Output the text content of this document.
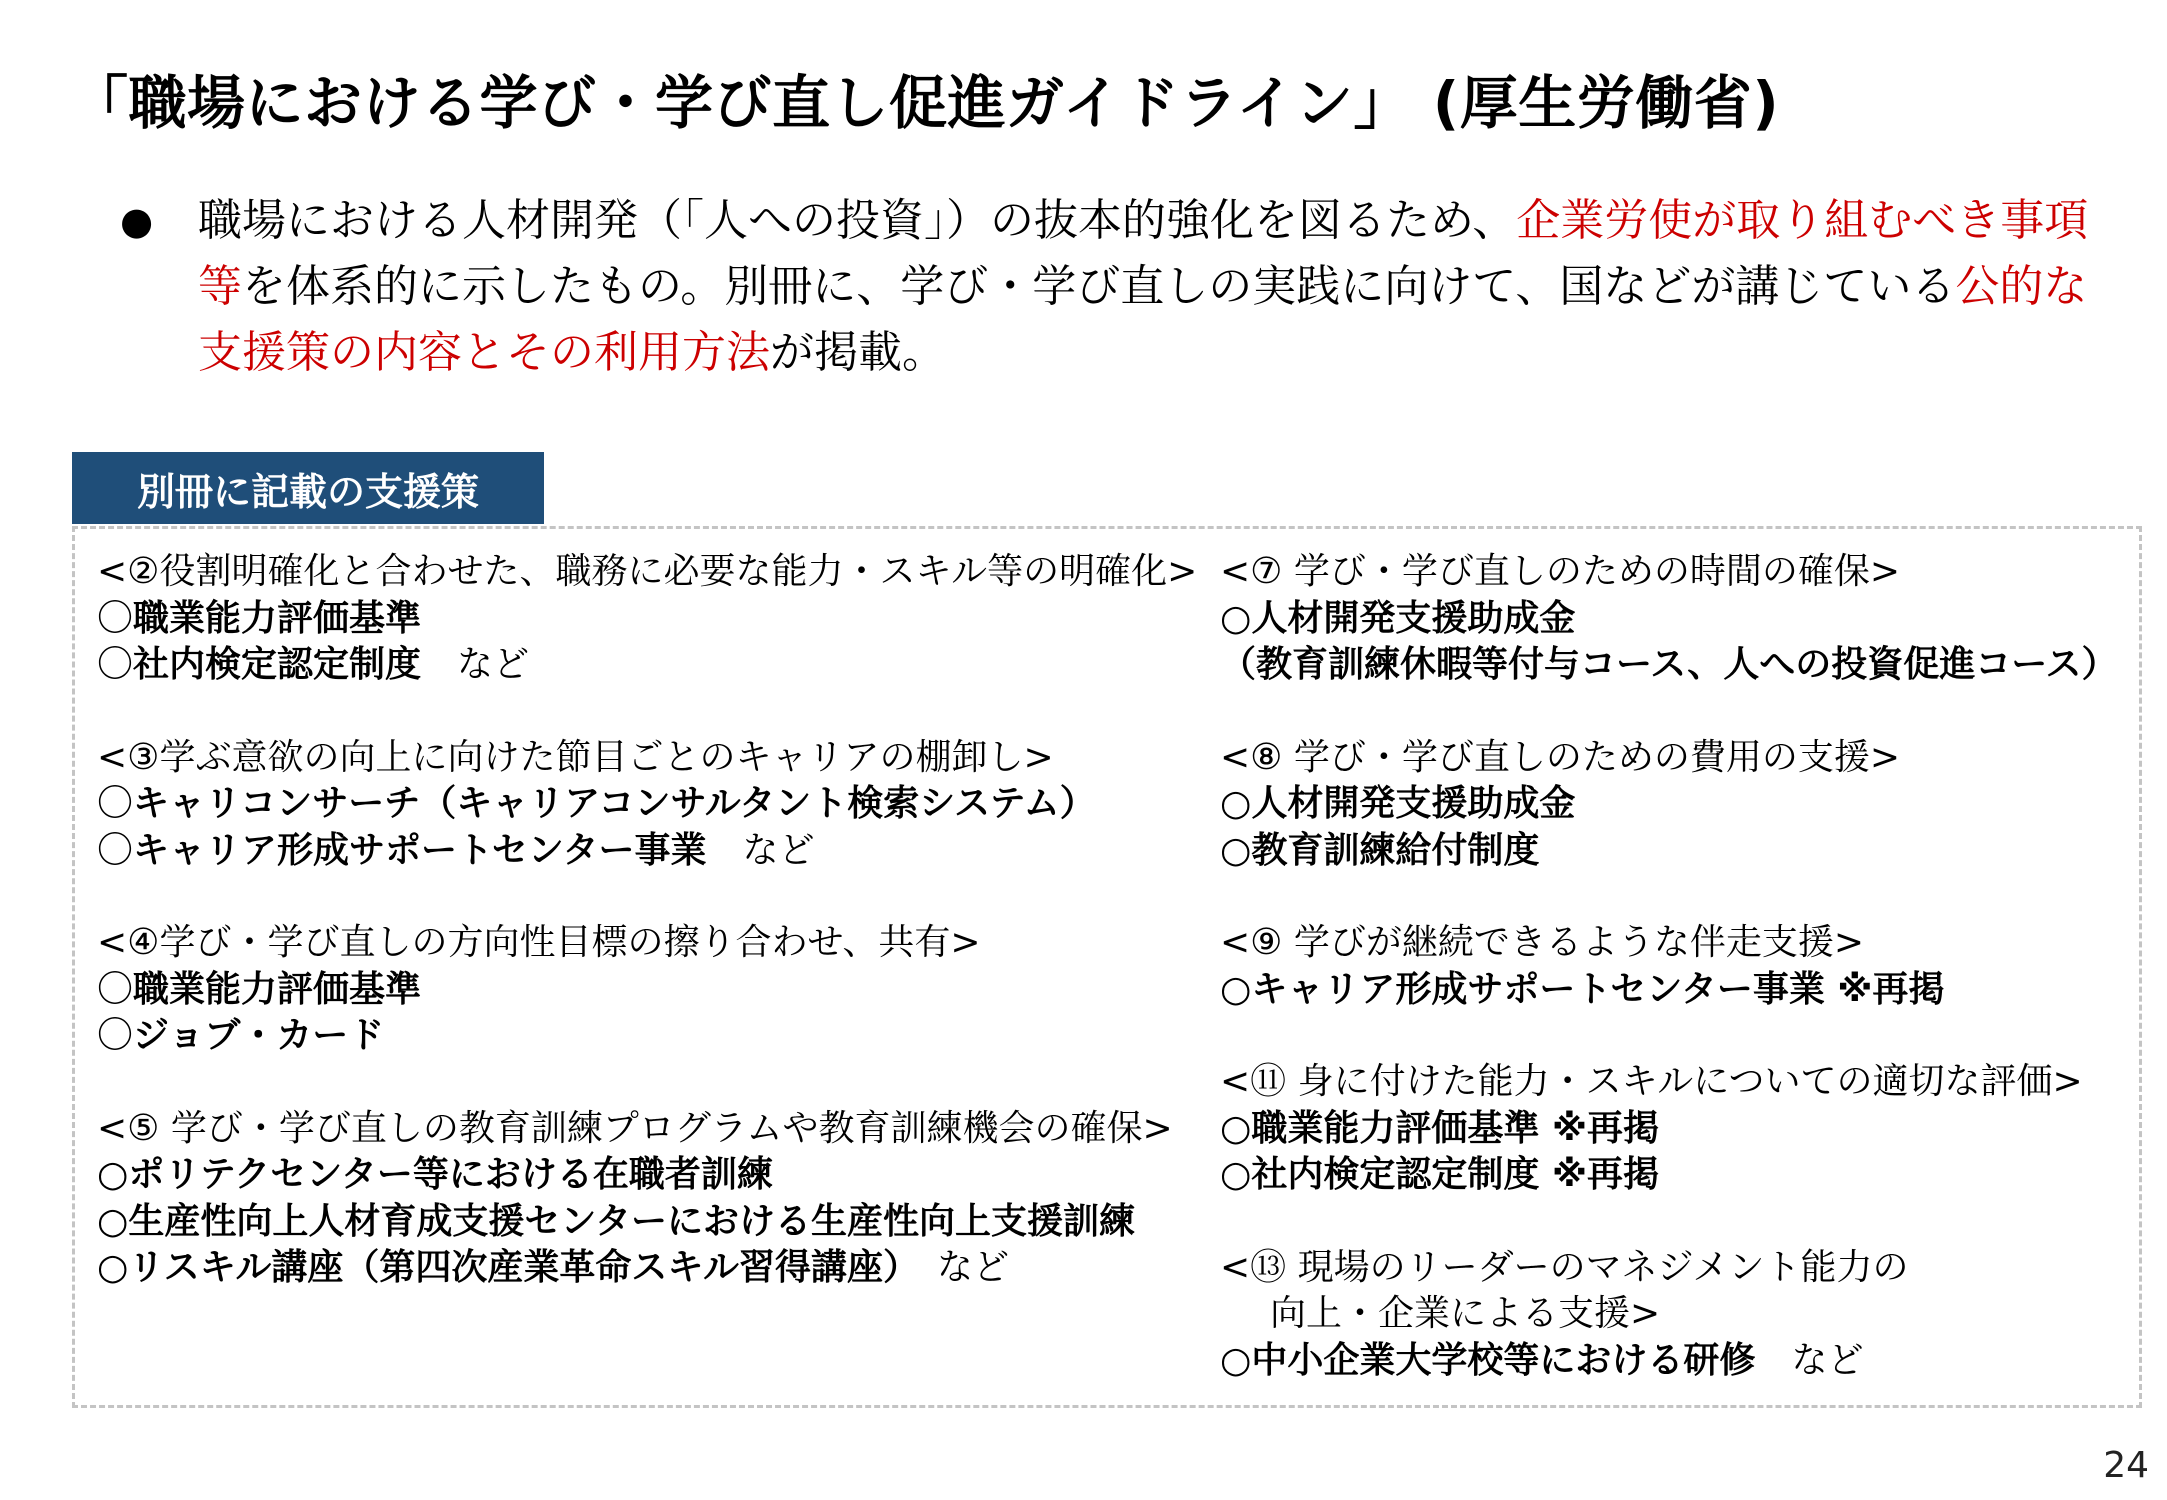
「職場における学び・学び直し促進ガイドライン」 (厚生労働省)
● 職場における人材開発（「人への投資」）の抜本的強化を図るため、企業労使が取り組むべき事項等を体系的に示したもの。別冊に、学び・学び直しの実践に向けて、国などが講じている公的な支援策の内容とその利用方法が掲載。
別冊に記載の支援策
<②役割明確化と合わせた、職務に必要な能力・スキル等の明確化>
〇職業能力評価基準
〇社内検定認定制度　など
<③学ぶ意欲の向上に向けた節目ごとのキャリアの棚卸し>
〇キャリコンサーチ（キャリアコンサルタント検索システム）
〇キャリア形成サポートセンター事業　など
<④学び・学び直しの方向性目標の擦り合わせ、共有>
〇職業能力評価基準
〇ジョブ・カード
<⑤ 学び・学び直しの教育訓練プログラムや教育訓練機会の確保>
○ポリテクセンター等における在職者訓練
○生産性向上人材育成支援センターにおける生産性向上支援訓練
○リスキル講座（第四次産業革命スキル習得講座）　など
<⑦ 学び・学び直しのための時間の確保>
○人材開発支援助成金
（教育訓練休暇等付与コース、人への投資促進コース）
<⑧ 学び・学び直しのための費用の支援>
○人材開発支援助成金
○教育訓練給付制度
<⑨ 学びが継続できるような伴走支援>
○キャリア形成サポートセンター事業 ※再掲
<⑪ 身に付けた能力・スキルについての適切な評価>
○職業能力評価基準 ※再掲
○社内検定認定制度 ※再掲
<⑬ 現場のリーダーのマネジメント能力の
向上・企業による支援>
○中小企業大学校等における研修　など
24
